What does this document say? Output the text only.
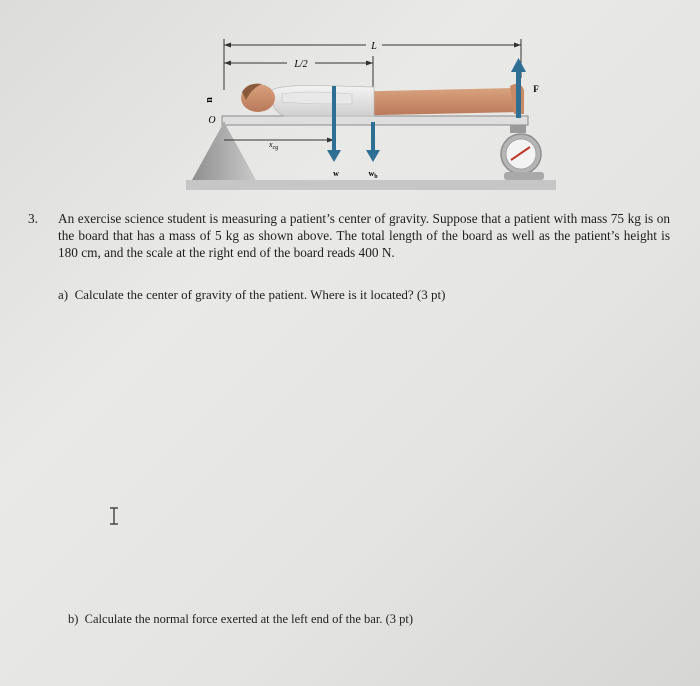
L
L/2
n
O
$x_{cg}$
w	$w_b$
F
3. An exercise science student is measuring a patient’s center of gravity. Suppose that a patient with mass 75 kg is on the board that has a mass of 5 kg as shown above. The total length of the board as well as the patient’s height is 180 cm, and the scale at the right end of the board reads 400 N.
a) Calculate the center of gravity of the patient. Where is it located? (3 pt)
b) Calculate the normal force exerted at the left end of the bar. (3 pt)
